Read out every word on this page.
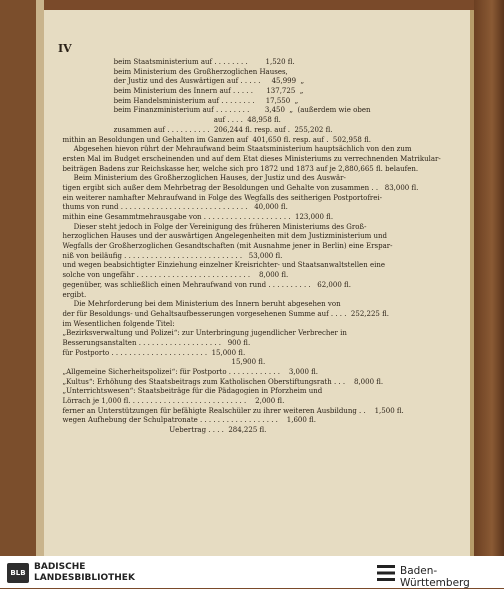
IV
beim Staatsministerium auf . . . . . . . .        1,520 fl.
beim Ministerium des Großherzoglichen Hauses,
der Justiz und des Auswärtigen auf . . . . .     45,999  „
beim Ministerium des Innern auf . . . . .      137,725  „
beim Handelsministerium auf . . . . . . . .     17,550  „
beim Finanzministerium auf . . . . . . . .       3,450  „  (außerdem wie oben
auf . . . .  48,958 fl.
zusammen auf . . . . . . . . . .  206,244 fl. resp. auf .  255,202 fl.
mithin an Besoldungen und Gehalten im Ganzen auf  401,650 fl. resp. auf .  502,958 fl.
Abgesehen hievon rührt der Mehraufwand beim Staatsministerium hauptsächlich von den zum
ersten Mal im Budget erscheinenden und auf dem Etat dieses Ministeriums zu verrechnenden Matrikular-
beiträgen Badens zur Reichskasse her, welche sich pro 1872 und 1873 auf je 2,880,665 fl. belaufen.
Beim Ministerium des Großherzoglichen Hauses, der Justiz und des Auswär-
tigen ergibt sich außer dem Mehrbetrag der Besoldungen und Gehalte von zusammen . .   83,000 fl.
ein weiterer namhafter Mehraufwand in Folge des Wegfalls des seitherigen Postportofrei-
thums von rund . . . . . . . . . . . . . . . . . . . . . . . . . . . . .   40,000 fl.
mithin eine Gesammtmehrausgabe von . . . . . . . . . . . . . . . . . . . .  123,000 fl.
Dieser steht jedoch in Folge der Vereinigung des früheren Ministeriums des Groß-
herzoglichen Hauses und der auswärtigen Angelegenheiten mit dem Justizministerium und
Wegfalls der Großherzoglichen Gesandtschaften (mit Ausnahme jener in Berlin) eine Erspar-
niß von beiläufig . . . . . . . . . . . . . . . . . . . . . . . . . . .   53,000 fl.
und wegen beabsichtigter Einziehung einzelner Kreisrichter- und Staatsanwaltstellen eine
solche von ungefähr . . . . . . . . . . . . . . . . . . . . . . . . . .    8,000 fl.
gegenüber, was schließlich einen Mehraufwand von rund . . . . . . . . . .   62,000 fl.
ergibt.
Die Mehrforderung bei dem Ministerium des Innern beruht abgesehen von
der für Besoldungs- und Gehaltsaufbesserungen vorgesehenen Summe auf . . . .  252,225 fl.
im Wesentlichen folgende Titel:
„Bezirksverwaltung und Polizei“: zur Unterbringung jugendlicher Verbrecher in
Besserungsanstalten . . . . . . . . . . . . . . . . . . .   900 fl.
für Postporto . . . . . . . . . . . . . . . . . . . . . .  15,000 fl.
15,900 fl.
„Allgemeine Sicherheitspolizei“: für Postporto . . . . . . . . . . . .    3,000 fl.
„Kultus“: Erhöhung des Staatsbeitrags zum Katholischen Oberstiftungsrath . . .    8,000 fl.
„Unterrichtswesen“: Staatsbeiträge für die Pädagogien in Pforzheim und
Lörrach je 1,000 fl. . . . . . . . . . . . . . . . . . . . . . . . . . .    2,000 fl.
ferner an Unterstützungen für befähigte Realschüler zu ihrer weiteren Ausbildung . .    1,500 fl.
wegen Aufhebung der Schulpatronate . . . . . . . . . . . . . . . . . .    1,600 fl.
Uebertrag . . . .  284,225 fl.
BLB
BADISCHE
LANDESBIBLIOTHEK
Baden-Württemberg
